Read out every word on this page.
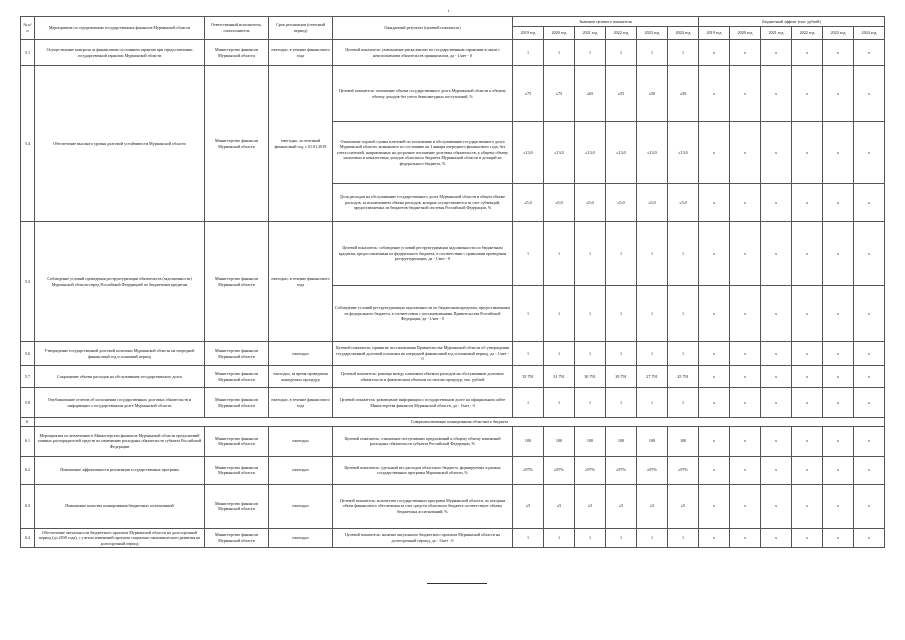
i
№ п/п	Мероприятие по оздоровлению государственных финансов Мурманской области	Ответственный исполнитель, соисполнитель	Срок реализации (отчетный период)	Ожидаемый результат (целевой показатель)	Значение целевого показателя						Бюджетный эффект (тыс. рублей)					
					2019 год	2020 год	2021 год	2022 год	2023 год	2024 год	2019 год	2020 год	2021 год	2022 год	2023 год	2024 год
5.1	Осуществление контроля за финансовым состоянием гарантов при предоставлении государственной гарантии Мурманской области	Министерство финансов Мурманской области	ежегодно, в течение финансового года	Целевой показатель: уменьшение риска выплат по государственным гарантиям в связи с неисполнением обязательств принципалом, да - 1/нет - 0	1	1	1	1	1	1	x	x	x	x	x	x
5.4	Обеспечение высокого уровня долговой устойчивости Мурманской области	Министерство финансов Мурманской области	ежегодно, за отчетный финансовый год, с 01.01.2019	Целевой показатель: отношение объема государственного долга Мурманской области к общему объему доходов без учета безвозмездных поступлений, %	≤75	≤75	≤65	≤55	≤50	≤50	x	x	x	x	x	x
				Отношение годовой суммы платежей по погашению и обслуживанию государственного долга Мурманской области, возникшего по состоянию на 1 января очередного финансового года, без учета платежей, направленных на досрочное погашение долговых обязательств, к общему объему налоговых и неналоговых доходов областного бюджета Мурманской области и дотаций из федерального бюджета, %	≤13,0	≤13,0	≤13,0	≤13,0	≤13,0	≤13,0	x	x	x	x	x	x
				Доля расходов на обслуживание государственного долга Мурманской области в общем объеме расходов, за исключением объема расходов, которые осуществляются за счет субвенций, предоставляемых из бюджетов бюджетной системы Российской Федерации, %	≤5,0	≤5,0	≤5,0	≤5,0	≤5,0	≤5,0	x	x	x	x	x	x
5.5	Соблюдение условий проведения реструктуризации обязательств (задолженности) Мурманской области перед Российской Федерацией по бюджетным кредитам	Министерство финансов Мурманской области	ежегодно, в течение финансового года	Целевой показатель: соблюдение условий реструктуризации задолженности по бюджетным кредитам, предоставленным из федерального бюджета, в соответствии с правилами проведения реструктуризации, да - 1/нет - 0	1	1	1	1	1	1	x	x	x	x	x	x
				Соблюдение условий реструктуризации задолженности по бюджетным кредитам, предоставленным из федерального бюджета, в соответствии с постановлениями Правительства Российской Федерации, да - 1/нет - 0	1	1	1	1	1	1	x	x	x	x	x	x
5.6	Утверждение государственной долговой политики Мурманской области на очередной финансовый год и плановый период	Министерство финансов Мурманской области	ежегодно	Целевой показатель: принятие постановления Правительства Мурманской области об утверждении государственной долговой политики на очередной финансовый год и плановый период, да - 1/нет - 0	1	1	1	1	1	1	x	x	x	x	x	x
5.7	Сокращение объема расходов на обслуживание государственного долга	Министерство финансов Мурманской области	ежегодно, за время проведения конкурсных процедур	Целевой показатель: разница между плановым объемом расходов на обслуживание долговых обязательств и фактическим объемом по итогам процедур, тыс. рублей	35 791	31 791	30 791	29 791	27 791	25 791	x	x	x	x	x	x
5.8	Опубликование отчетов об исполнении государственных долговых обязательств и информации о государственном долге Мурманской области	Министерство финансов Мурманской области	ежегодно, в течение финансового года	Целевой показатель: размещение информации о государственном долге на официальном сайте Министерства финансов Мурманской области, да - 1/нет - 0	1	1	1	1	1	1	x	x	x	x	x	x
6.	Совершенствование планирования областного бюджета															
6.1	Мероприятия по вовлечению в Министерство финансов Мурманской области предложений главных распорядителей средств по изменению расходных обязательств субъекта Российской Федерации	Министерство финансов Мурманской области	ежегодно	Целевой показатель: отношение поступивших предложений к общему объему изменений расходных обязательств субъекта Российской Федерации, %	100	100	100	100	100	100	x	x	x	x	x	x
6.2	Повышение эффективности реализации государственных программ	Министерство финансов Мурманской области	ежегодно	Целевой показатель: удельный вес расходов областного бюджета, формируемых в рамках государственных программ Мурманской области, %	≥97%	≥97%	≥97%	≥97%	≥97%	≥97%	x	x	x	x	x	x
6.3	Повышение качества планирования бюджетных ассигнований	Министерство финансов Мурманской области	ежегодно	Целевой показатель: количество государственных программ Мурманской области, по которым объем финансового обеспечения за счет средств областного бюджета соответствует объему бюджетных ассигнований, %	≥5	≥5	≥5	≥5	≥5	≥5	x	x	x	x	x	x
6.4	Обеспечение актуальности бюджетного прогноза Мурманской области на долгосрочный период (до 2030 года), с учетом изменений прогноза социально-экономического развития на долгосрочный период	Министерство финансов Мурманской области	ежегодно	Целевой показатель: наличие актуального бюджетного прогноза Мурманской области на долгосрочный период, да - 1/нет - 0	1	1	1	1	1	1	x	x	x	x	x	x
